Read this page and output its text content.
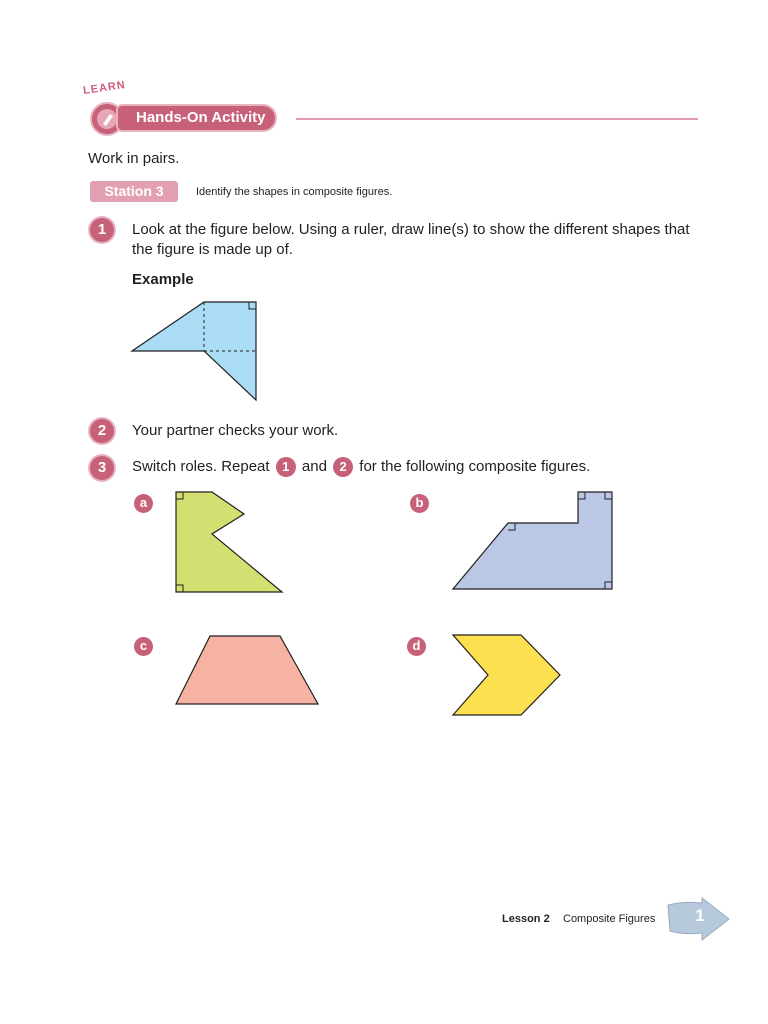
LEARN
Hands-On Activity
Work in pairs.
Station 3	Identify the shapes in composite figures.
1	Look at the figure below. Using a ruler, draw line(s) to show the different shapes that the figure is made up of.
Example
2	Your partner checks your work.
3	Switch roles. Repeat 1 and 2 for the following composite figures.
a	b
c	d
Lesson 2 Composite Figures	1
